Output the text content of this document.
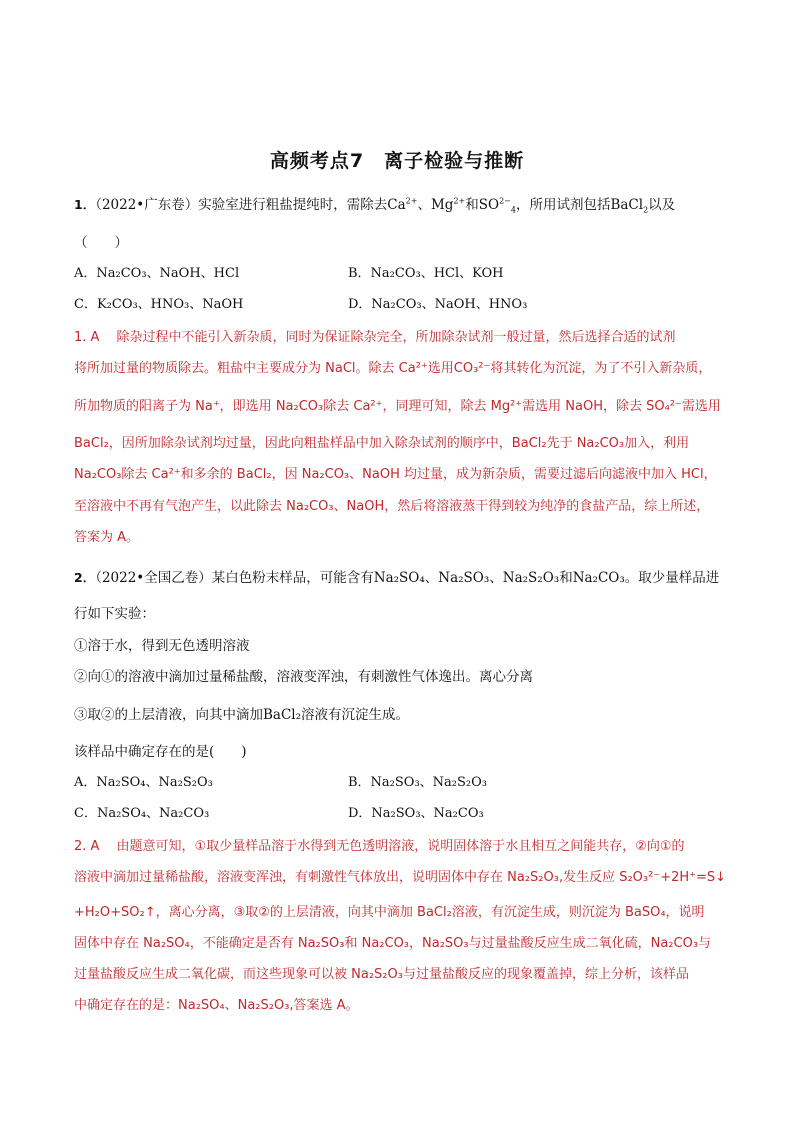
高频考点7　离子检验与推断
1．（2022•广东卷）实验室进行粗盐提纯时，需除去$Ca^{2+}$、$Mg^{2+}$和$SO^{2-}_4$，所用试剂包括BaCl$_2$以及
（　　）
A．Na₂CO₃、NaOH、HCl	B．Na₂CO₃、HCl、KOH
C．K₂CO₃、HNO₃、NaOH	D．Na₂CO₃、NaOH、HNO₃
1. A　 除杂过程中不能引入新杂质，同时为保证除杂完全，所加除杂试剂一般过量，然后选择合适的试剂
将所加过量的物质除去。粗盐中主要成分为 NaCl。除去 Ca²⁺选用CO₃²⁻将其转化为沉淀，为了不引入新杂质，
所加物质的阳离子为 Na⁺，即选用 Na₂CO₃除去 Ca²⁺，同理可知，除去 Mg²⁺需选用 NaOH，除去 SO₄²⁻需选用
BaCl₂，因所加除杂试剂均过量，因此向粗盐样品中加入除杂试剂的顺序中，BaCl₂先于 Na₂CO₃加入，利用
Na₂CO₃除去 Ca²⁺和多余的 BaCl₂，因 Na₂CO₃、NaOH 均过量，成为新杂质，需要过滤后向滤液中加入 HCl，
至溶液中不再有气泡产生，以此除去 Na₂CO₃、NaOH，然后将溶液蒸干得到较为纯净的食盐产品，综上所述，
答案为 A。
2．（2022•全国乙卷）某白色粉末样品，可能含有Na₂SO₄、Na₂SO₃、Na₂S₂O₃和Na₂CO₃。取少量样品进
行如下实验：
①溶于水，得到无色透明溶液
②向①的溶液中滴加过量稀盐酸，溶液变浑浊，有刺激性气体逸出。离心分离
③取②的上层清液，向其中滴加BaCl₂溶液有沉淀生成。
该样品中确定存在的是(　　)
A．Na₂SO₄、Na₂S₂O₃	B．Na₂SO₃、Na₂S₂O₃
C．Na₂SO₄、Na₂CO₃	D．Na₂SO₃、Na₂CO₃
2. A　 由题意可知，①取少量样品溶于水得到无色透明溶液，说明固体溶于水且相互之间能共存，②向①的
溶液中滴加过量稀盐酸，溶液变浑浊，有刺激性气体放出，说明固体中存在 Na₂S₂O₃,发生反应 S₂O₃²⁻+2H⁺=S↓
+H₂O+SO₂↑，离心分离，③取②的上层清液，向其中滴加 BaCl₂溶液，有沉淀生成，则沉淀为 BaSO₄，说明
固体中存在 Na₂SO₄，不能确定是否有 Na₂SO₃和 Na₂CO₃，Na₂SO₃与过量盐酸反应生成二氧化硫，Na₂CO₃与
过量盐酸反应生成二氧化碳，而这些现象可以被 Na₂S₂O₃与过量盐酸反应的现象覆盖掉，综上分析，该样品
中确定存在的是：Na₂SO₄、Na₂S₂O₃,答案选 A。
